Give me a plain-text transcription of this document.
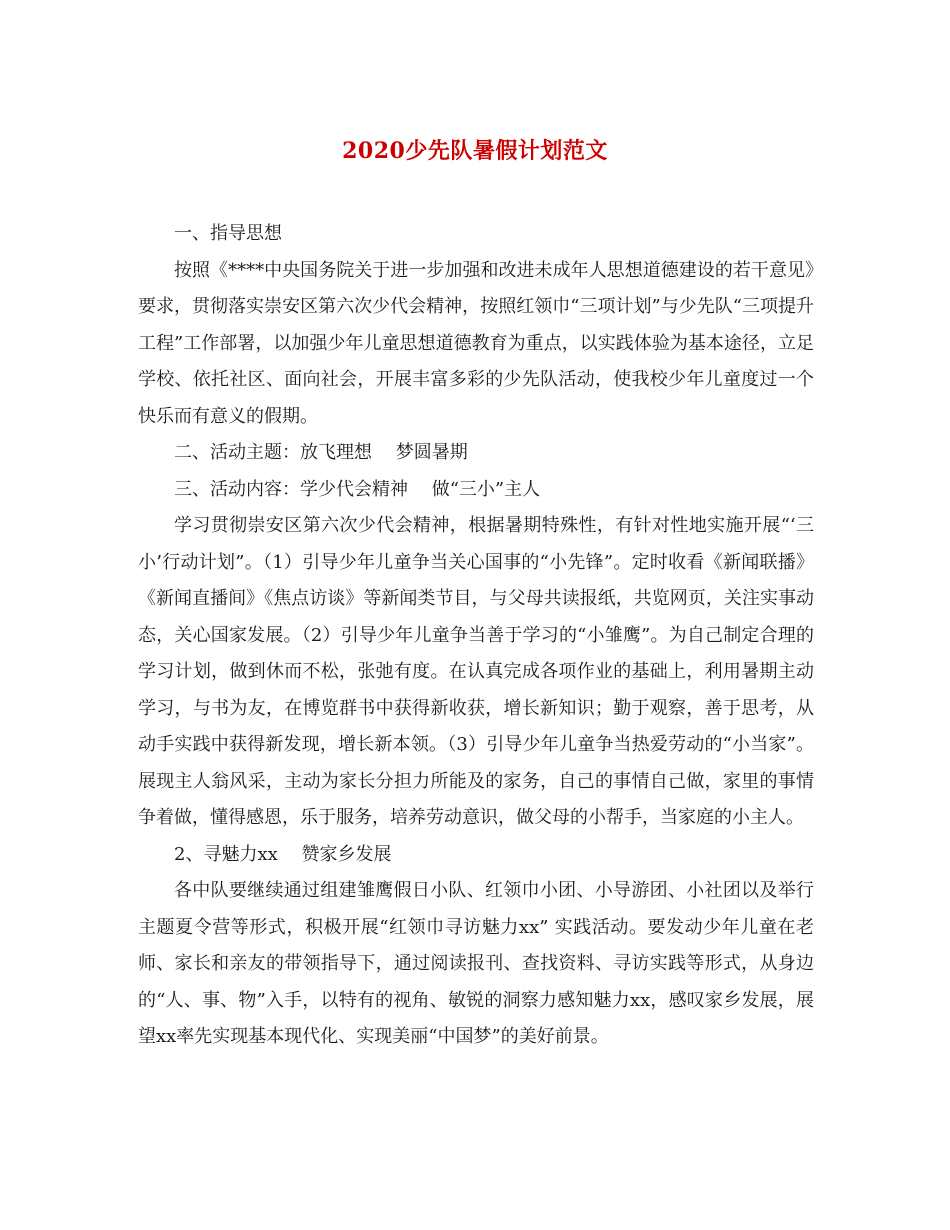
2020少先队暑假计划范文

一、指导思想

按照《****中央国务院关于进一步加强和改进未成年人思想道德建设的若干意见》要求，贯彻落实崇安区第六次少代会精神，按照红领巾“三项计划”与少先队“三项提升工程”工作部署，以加强少年儿童思想道德教育为重点，以实践体验为基本途径，立足学校、依托社区、面向社会，开展丰富多彩的少先队活动，使我校少年儿童度过一个快乐而有意义的假期。

二、活动主题：放飞理想　 梦圆暑期

三、活动内容：学少代会精神　 做“三小”主人

学习贯彻崇安区第六次少代会精神，根据暑期特殊性，有针对性地实施开展“‘三小’行动计划”。（1）引导少年儿童争当关心国事的“小先锋”。定时收看《新闻联播》《新闻直播间》《焦点访谈》等新闻类节目，与父母共读报纸，共览网页，关注实事动态，关心国家发展。（2）引导少年儿童争当善于学习的“小雏鹰”。为自己制定合理的学习计划，做到休而不松，张弛有度。在认真完成各项作业的基础上，利用暑期主动学习，与书为友，在博览群书中获得新收获，增长新知识；勤于观察，善于思考，从动手实践中获得新发现，增长新本领。（3）引导少年儿童争当热爱劳动的“小当家”。展现主人翁风采，主动为家长分担力所能及的家务，自己的事情自己做，家里的事情争着做，懂得感恩，乐于服务，培养劳动意识，做父母的小帮手，当家庭的小主人。

2、寻魅力xx　 赞家乡发展

各中队要继续通过组建雏鹰假日小队、红领巾小团、小导游团、小社团以及举行主题夏令营等形式，积极开展“红领巾寻访魅力xx” 实践活动。要发动少年儿童在老师、家长和亲友的带领指导下，通过阅读报刊、查找资料、寻访实践等形式，从身边的“人、事、物”入手，以特有的视角、敏锐的洞察力感知魅力xx，感叹家乡发展，展望xx率先实现基本现代化、实现美丽“中国梦”的美好前景。
